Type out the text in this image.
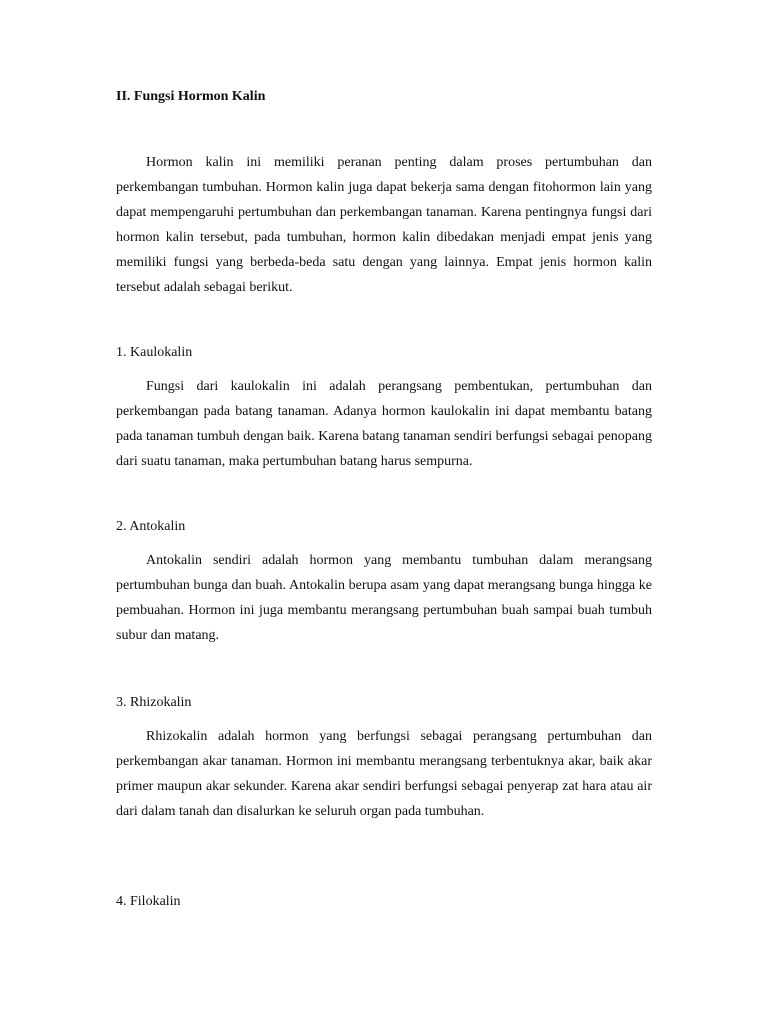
II. Fungsi Hormon Kalin

Hormon kalin ini memiliki peranan penting dalam proses pertumbuhan dan perkembangan tumbuhan. Hormon kalin juga dapat bekerja sama dengan fitohormon lain yang dapat mempengaruhi pertumbuhan dan perkembangan tanaman. Karena pentingnya fungsi dari hormon kalin tersebut, pada tumbuhan, hormon kalin dibedakan menjadi empat jenis yang memiliki fungsi yang berbeda-beda satu dengan yang lainnya. Empat jenis hormon kalin tersebut adalah sebagai berikut.

1. Kaulokalin

Fungsi dari kaulokalin ini adalah perangsang pembentukan, pertumbuhan dan perkembangan pada batang tanaman. Adanya hormon kaulokalin ini dapat membantu batang pada tanaman tumbuh dengan baik. Karena batang tanaman sendiri berfungsi sebagai penopang dari suatu tanaman, maka pertumbuhan batang harus sempurna.

2. Antokalin

Antokalin sendiri adalah hormon yang membantu tumbuhan dalam merangsang pertumbuhan bunga dan buah. Antokalin berupa asam yang dapat merangsang bunga hingga ke pembuahan. Hormon ini juga membantu merangsang pertumbuhan buah sampai buah tumbuh subur dan matang.

3. Rhizokalin

Rhizokalin adalah hormon yang berfungsi sebagai perangsang pertumbuhan dan perkembangan akar tanaman. Hormon ini membantu merangsang terbentuknya akar, baik akar primer maupun akar sekunder. Karena akar sendiri berfungsi sebagai penyerap zat hara atau air dari dalam tanah dan disalurkan ke seluruh organ pada tumbuhan.

4. Filokalin
